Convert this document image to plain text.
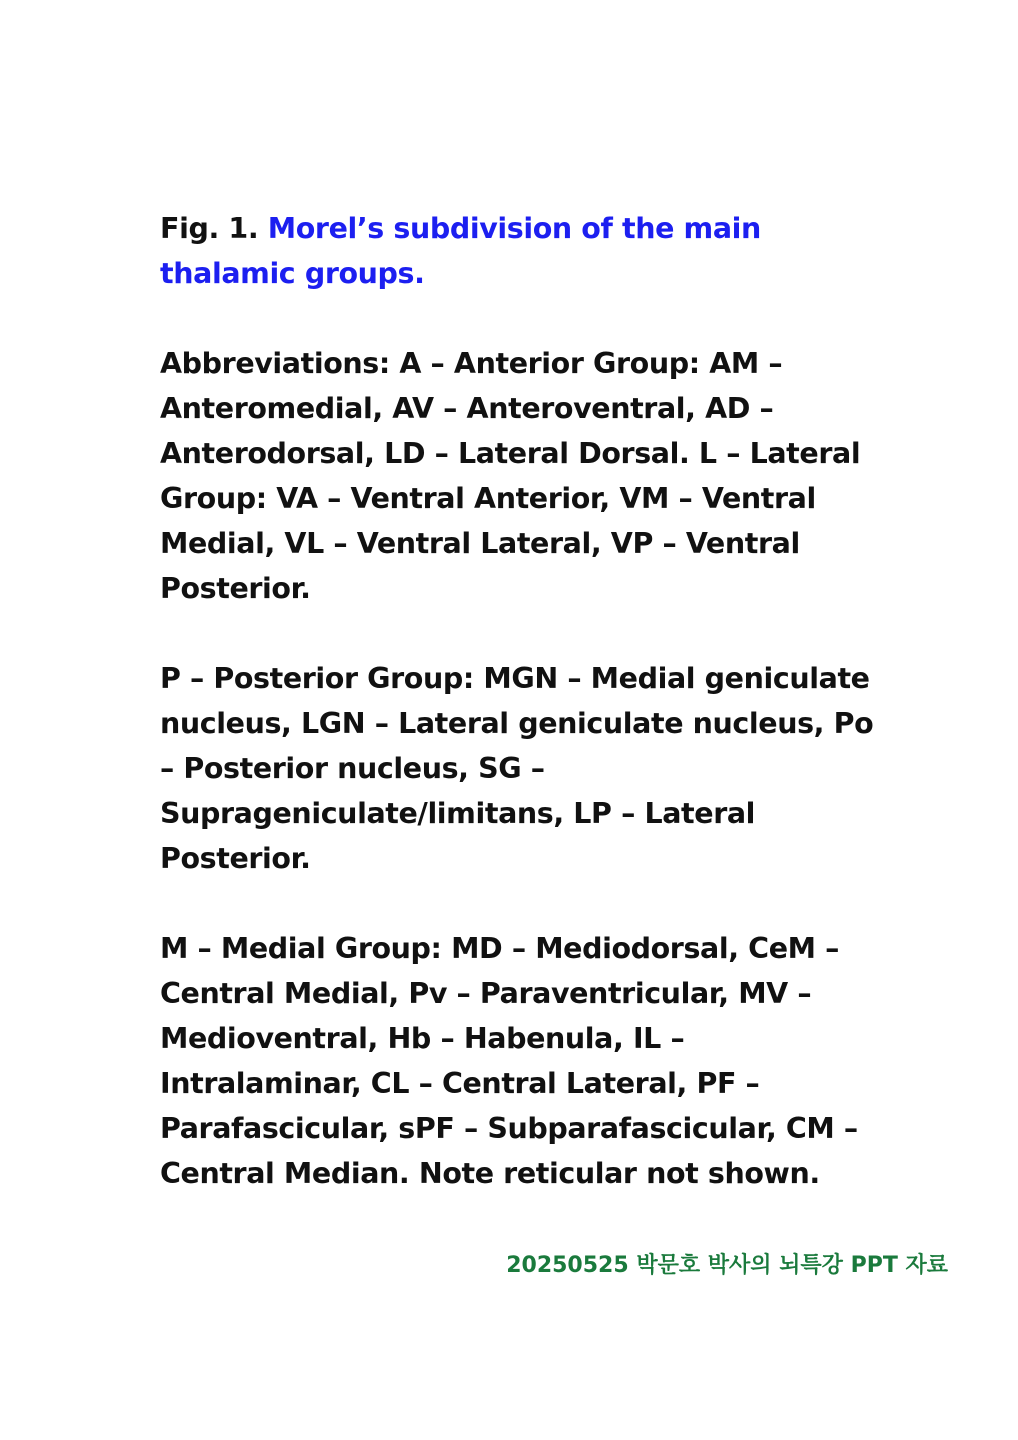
Fig. 1. Morel’s subdivision of the main thalamic groups.
Abbreviations: A – Anterior Group: AM – Anteromedial, AV – Anteroventral, AD – Anterodorsal, LD – Lateral Dorsal. L – Lateral Group: VA – Ventral Anterior, VM – Ventral Medial, VL – Ventral Lateral, VP – Ventral Posterior.
P – Posterior Group: MGN – Medial geniculate nucleus, LGN – Lateral geniculate nucleus, Po – Posterior nucleus, SG – Suprageniculate/limitans, LP – Lateral Posterior.
M – Medial Group: MD – Mediodorsal, CeM – Central Medial, Pv – Paraventricular, MV – Medioventral, Hb – Habenula, IL – Intralaminar, CL – Central Lateral, PF – Parafascicular, sPF – Subparafascicular, CM – Central Median. Note reticular not shown.
20250525 박문호 박사의 뇌특강 PPT 자료
